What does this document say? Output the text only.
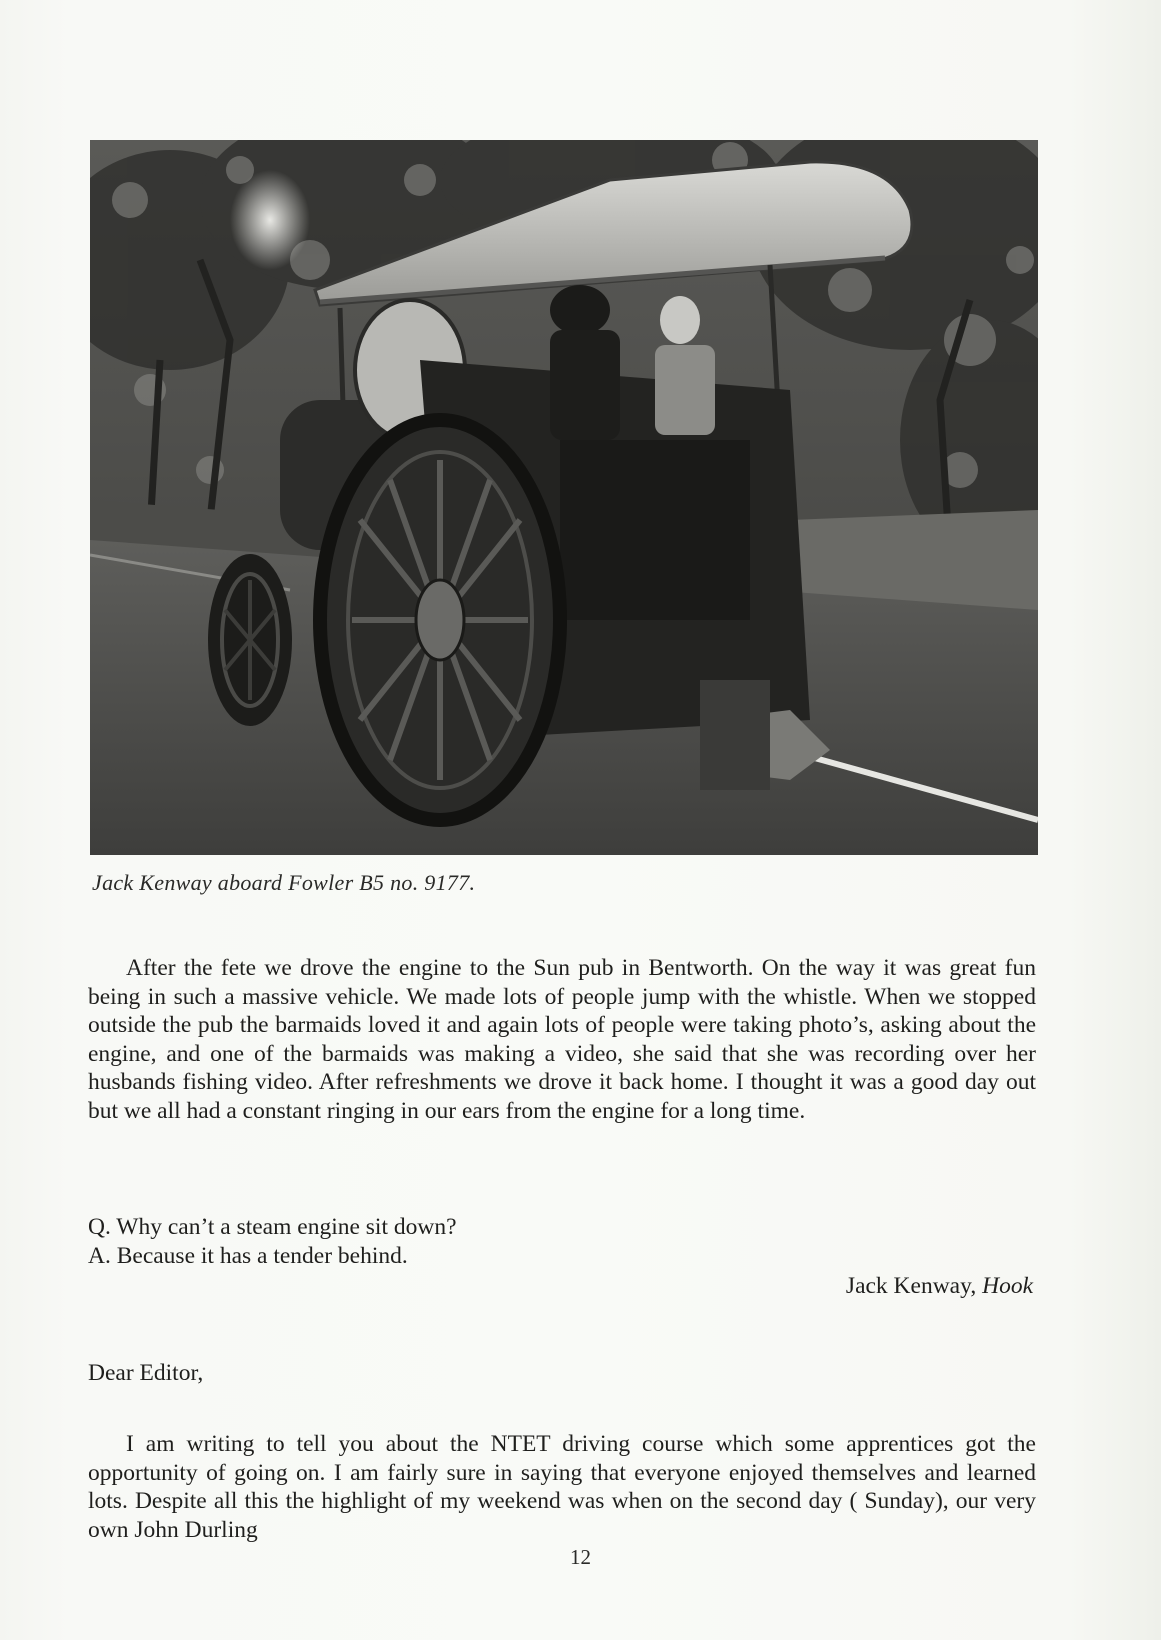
Jack Kenway aboard Fowler B5 no. 9177.

After the fete we drove the engine to the Sun pub in Bentworth. On the way it was great fun being in such a massive vehicle. We made lots of people jump with the whistle. When we stopped outside the pub the barmaids loved it and again lots of people were taking photo’s, asking about the engine, and one of the barmaids was making a video, she said that she was recording over her husbands fishing video. After refreshments we drove it back home. I thought it was a good day out but we all had a constant ringing in our ears from the engine for a long time.

Q. Why can’t a steam engine sit down?

A. Because it has a tender behind.

Jack Kenway, Hook
Dear Editor,

I am writing to tell you about the NTET driving course which some apprentices got the opportunity of going on. I am fairly sure in saying that everyone enjoyed themselves and learned lots. Despite all this the highlight of my weekend was when on the second day ( Sunday), our very own John Durling

12
